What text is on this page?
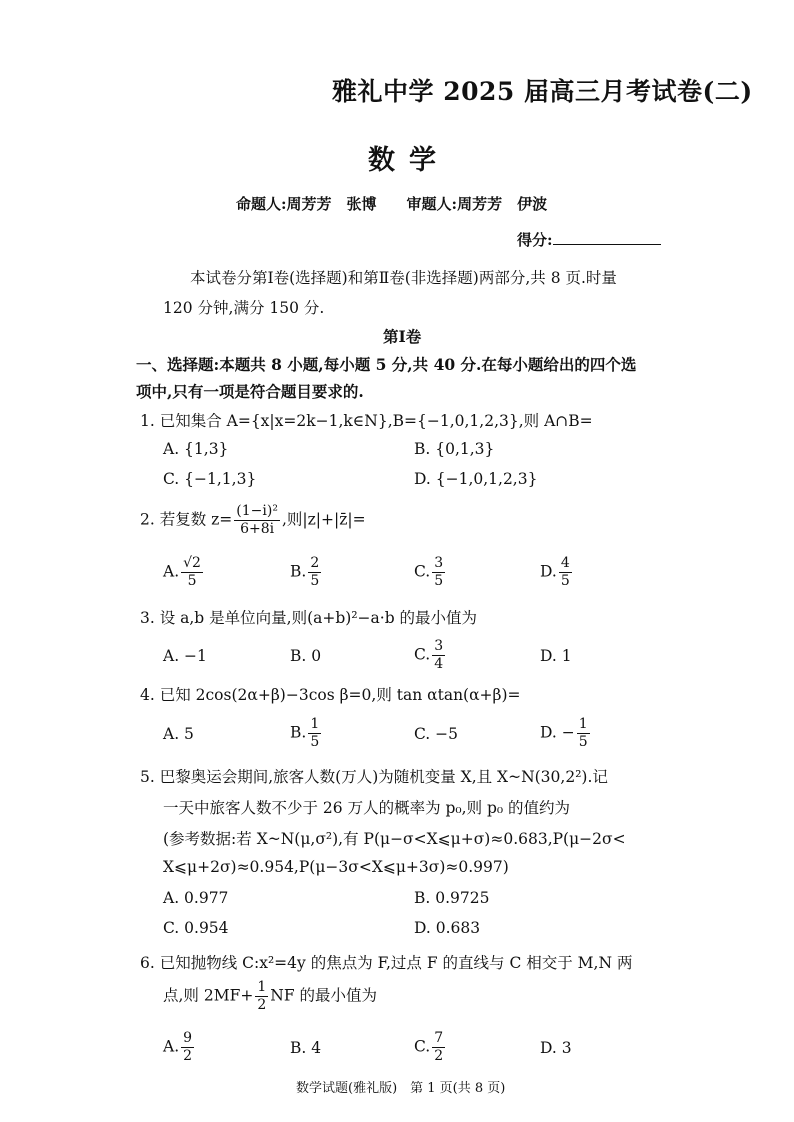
雅礼中学 2025 届高三月考试卷(二)
数学
命题人:周芳芳　张博　　审题人:周芳芳　伊波
得分:
本试卷分第Ⅰ卷(选择题)和第Ⅱ卷(非选择题)两部分,共 8 页.时量
120 分钟,满分 150 分.
第Ⅰ卷
一、选择题:本题共 8 小题,每小题 5 分,共 40 分.在每小题给出的四个选
项中,只有一项是符合题目要求的.
1. 已知集合 A={x|x=2k−1,k∈N},B={−1,0,1,2,3},则 A∩B=
A. {1,3}	B. {0,1,3}
C. {−1,1,3}	D. {−1,0,1,2,3}
2. 若复数 $z= \frac{\text{(1−i)²}}{6+8i}$ ,则|z|+|z̄|=
A. $\frac{√2}{5}$	B. $\frac{2}{5}$	C. $\frac{3}{5}$	D. $\frac{4}{5}$
3. 设 a,b 是单位向量,则(a+b)²−a·b 的最小值为
A. −1	B. 0	C. $\frac{3}{4}$	D. 1
4. 已知 2cos(2α+β)−3cos β=0,则 tan αtan(α+β)=
A. 5	B. $\frac{1}{5}$	C. −5	D. − $\frac{1}{5}$
5. 巴黎奥运会期间,旅客人数(万人)为随机变量 X,且 X~N(30,2²).记
一天中旅客人数不少于 26 万人的概率为 p₀,则 p₀ 的值约为
(参考数据:若 X~N(μ,σ²),有 P(μ−σ<X⩽μ+σ)≈0.683,P(μ−2σ<
X⩽μ+2σ)≈0.954,P(μ−3σ<X⩽μ+3σ)≈0.997)
A. 0.977	B. 0.9725
C. 0.954	D. 0.683
6. 已知抛物线 C:x²=4y 的焦点为 F,过点 F 的直线与 C 相交于 M,N 两
点,则 $2MF+ \frac{1}{2}$ NF 的最小值为
A. $\frac{9}{2}$	B. 4	C. $\frac{7}{2}$	D. 3
数学试题(雅礼版)　第 1 页(共 8 页)
